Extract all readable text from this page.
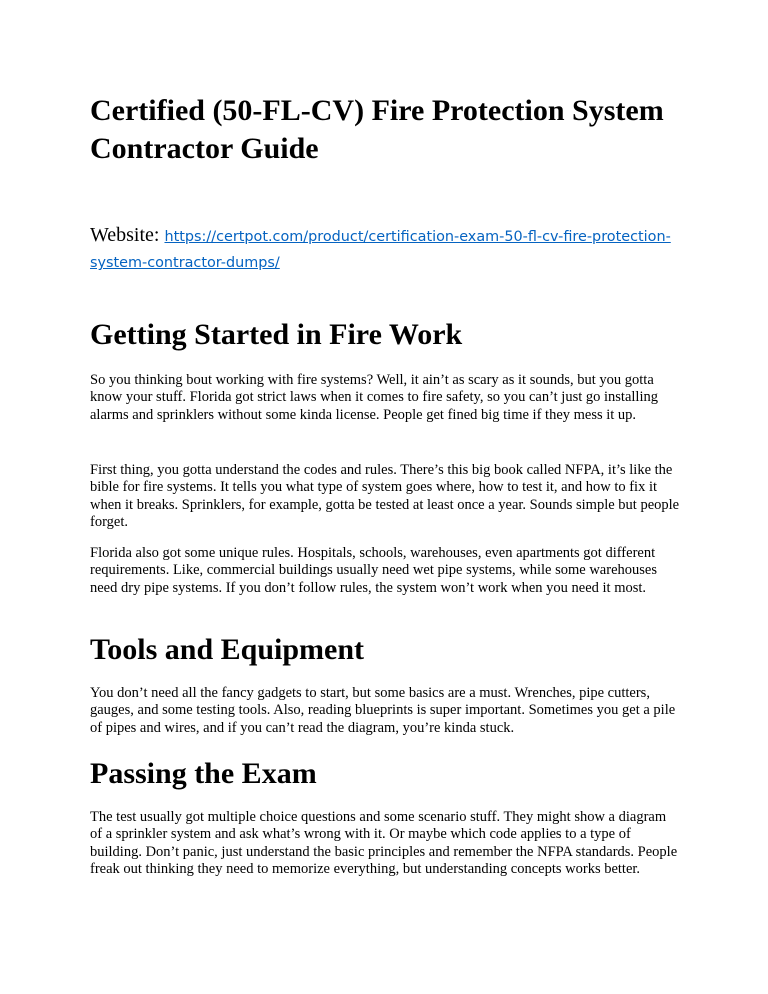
Certified (50-FL-CV) Fire Protection System Contractor Guide

Website: https://certpot.com/product/certification-exam-50-fl-cv-fire-protection-system-contractor-dumps/

Getting Started in Fire Work

So you thinking bout working with fire systems? Well, it ain’t as scary as it sounds, but you gotta know your stuff. Florida got strict laws when it comes to fire safety, so you can’t just go installing alarms and sprinklers without some kinda license. People get fined big time if they mess it up.

First thing, you gotta understand the codes and rules. There’s this big book called NFPA, it’s like the bible for fire systems. It tells you what type of system goes where, how to test it, and how to fix it when it breaks. Sprinklers, for example, gotta be tested at least once a year. Sounds simple but people forget.

Florida also got some unique rules. Hospitals, schools, warehouses, even apartments got different requirements. Like, commercial buildings usually need wet pipe systems, while some warehouses need dry pipe systems. If you don’t follow rules, the system won’t work when you need it most.

Tools and Equipment

You don’t need all the fancy gadgets to start, but some basics are a must. Wrenches, pipe cutters, gauges, and some testing tools. Also, reading blueprints is super important. Sometimes you get a pile of pipes and wires, and if you can’t read the diagram, you’re kinda stuck.

Passing the Exam

The test usually got multiple choice questions and some scenario stuff. They might show a diagram of a sprinkler system and ask what’s wrong with it. Or maybe which code applies to a type of building. Don’t panic, just understand the basic principles and remember the NFPA standards. People freak out thinking they need to memorize everything, but understanding concepts works better.
